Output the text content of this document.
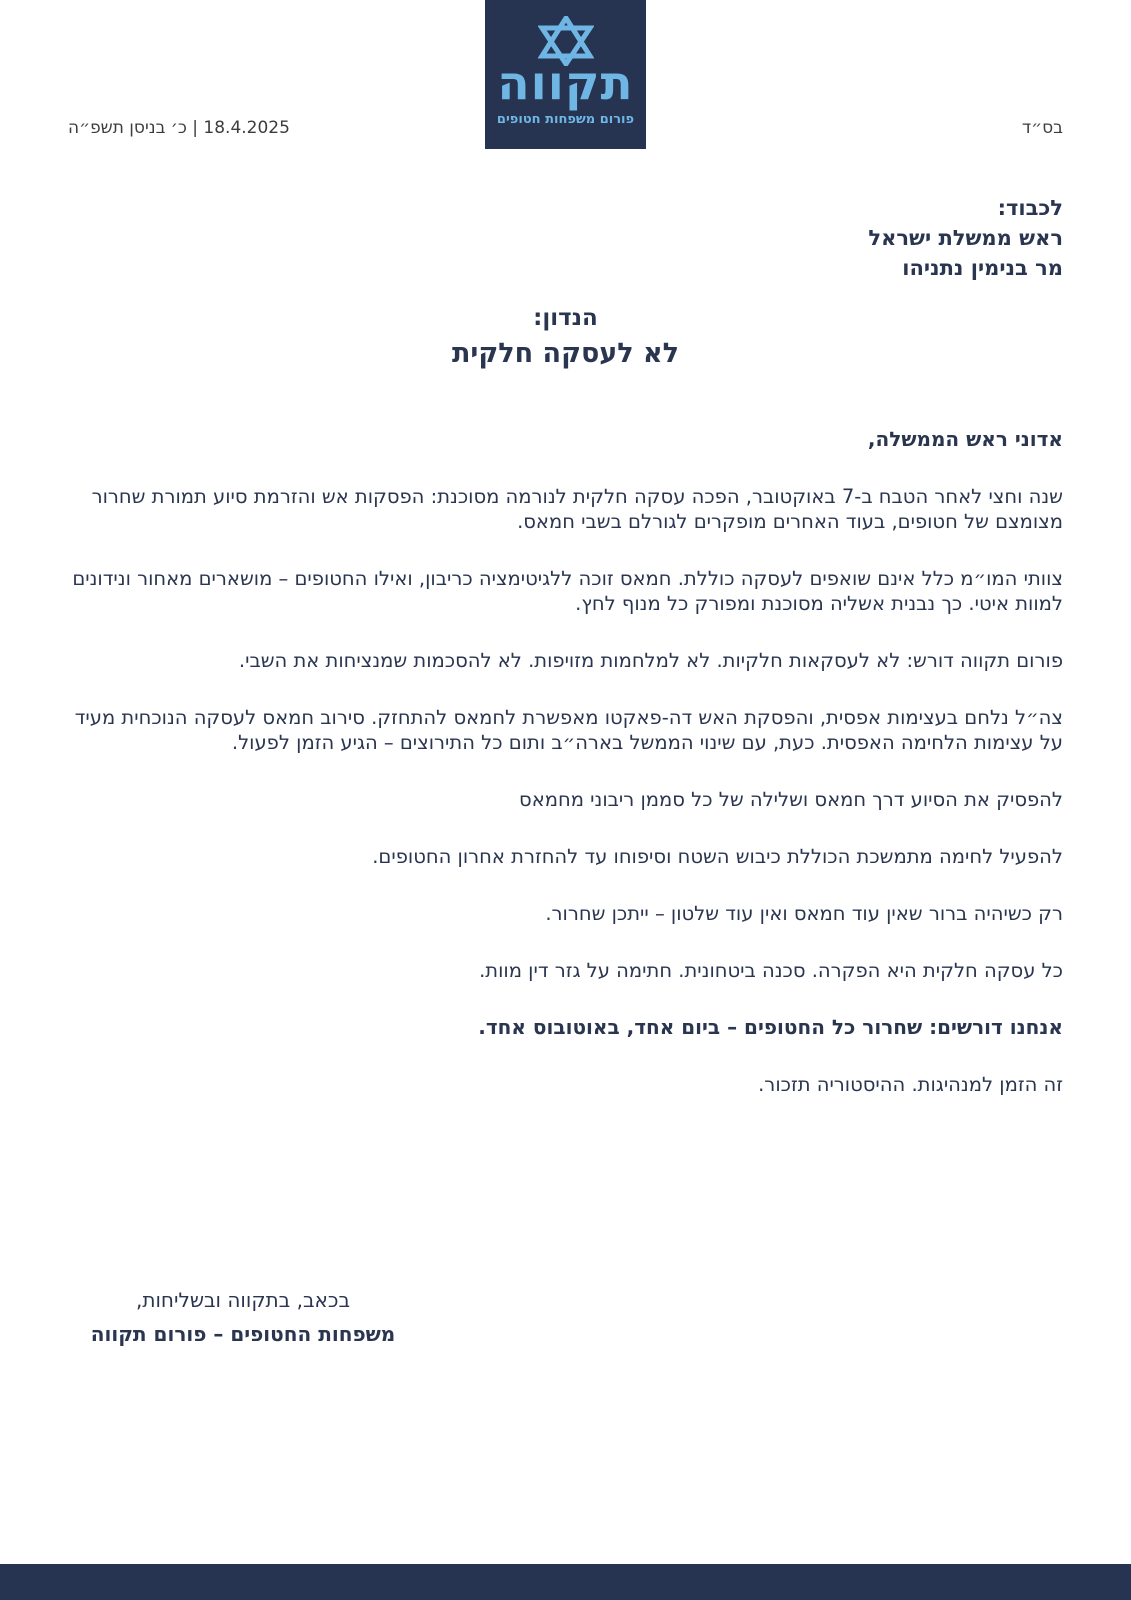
תקווה
פורום משפחות חטופים
18.4.2025 | כ׳ בניסן תשפ״ה	בס״ד
לכבוד:
ראש ממשלת ישראל
מר בנימין נתניהו
הנדון:
לא לעסקה חלקית

אדוני ראש הממשלה,

שנה וחצי לאחר הטבח ב-7 באוקטובר, הפכה עסקה חלקית לנורמה מסוכנת: הפסקות אש והזרמת סיוע תמורת שחרור מצומצם של חטופים, בעוד האחרים מופקרים לגורלם בשבי חמאס.

צוותי המו״מ כלל אינם שואפים לעסקה כוללת. חמאס זוכה ללגיטימציה כריבון, ואילו החטופים – מושארים מאחור ונידונים למוות איטי. כך נבנית אשליה מסוכנת ומפורק כל מנוף לחץ.

פורום תקווה דורש: לא לעסקאות חלקיות. לא למלחמות מזויפות. לא להסכמות שמנציחות את השבי.

צה״ל נלחם בעצימות אפסית, והפסקת האש דה-פאקטו מאפשרת לחמאס להתחזק. סירוב חמאס לעסקה הנוכחית מעיד על עצימות הלחימה האפסית. כעת, עם שינוי הממשל בארה״ב ותום כל התירוצים – הגיע הזמן לפעול.

להפסיק את הסיוע דרך חמאס ושלילה של כל סממן ריבוני מחמאס

להפעיל לחימה מתמשכת הכוללת כיבוש השטח וסיפוחו עד להחזרת אחרון החטופים.

רק כשיהיה ברור שאין עוד חמאס ואין עוד שלטון – ייתכן שחרור.

כל עסקה חלקית היא הפקרה. סכנה ביטחונית. חתימה על גזר דין מוות.

אנחנו דורשים: שחרור כל החטופים – ביום אחד, באוטובוס אחד.

זה הזמן למנהיגות. ההיסטוריה תזכור.

בכאב, בתקווה ובשליחות,
משפחות החטופים – פורום תקווה
